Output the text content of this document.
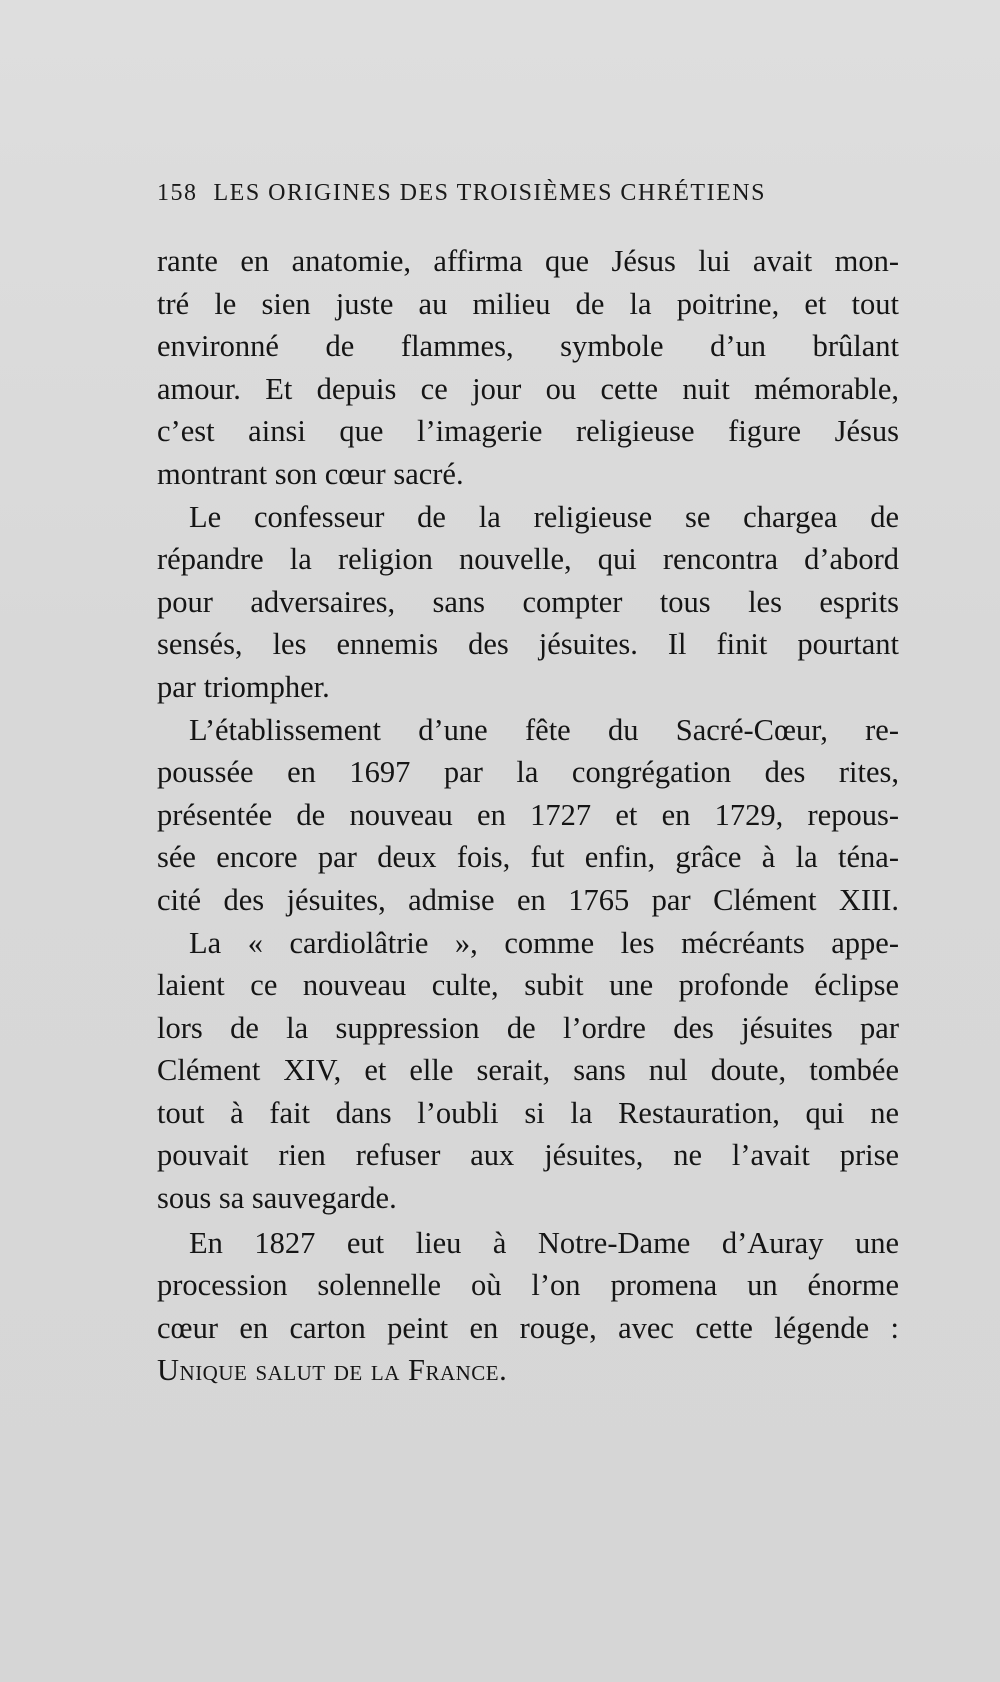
158 LES ORIGINES DES TROISIÈMES CHRÉTIENS
rante en anatomie, affirma que Jésus lui avait mon-
tré le sien juste au milieu de la poitrine, et tout
environné de flammes, symbole d’un brûlant
amour. Et depuis ce jour ou cette nuit mémorable,
c’est ainsi que l’imagerie religieuse figure Jésus
montrant son cœur sacré.
Le confesseur de la religieuse se chargea de
répandre la religion nouvelle, qui rencontra d’abord
pour adversaires, sans compter tous les esprits
sensés, les ennemis des jésuites. Il finit pourtant
par triompher.
L’établissement d’une fête du Sacré-Cœur, re-
poussée en 1697 par la congrégation des rites,
présentée de nouveau en 1727 et en 1729, repous-
sée encore par deux fois, fut enfin, grâce à la téna-
cité des jésuites, admise en 1765 par Clément XIII.
La « cardiolâtrie », comme les mécréants appe-
laient ce nouveau culte, subit une profonde éclipse
lors de la suppression de l’ordre des jésuites par
Clément XIV, et elle serait, sans nul doute, tombée
tout à fait dans l’oubli si la Restauration, qui ne
pouvait rien refuser aux jésuites, ne l’avait prise
sous sa sauvegarde.
En 1827 eut lieu à Notre-Dame d’Auray une
procession solennelle où l’on promena un énorme
cœur en carton peint en rouge, avec cette légende :
Unique salut de la France.
